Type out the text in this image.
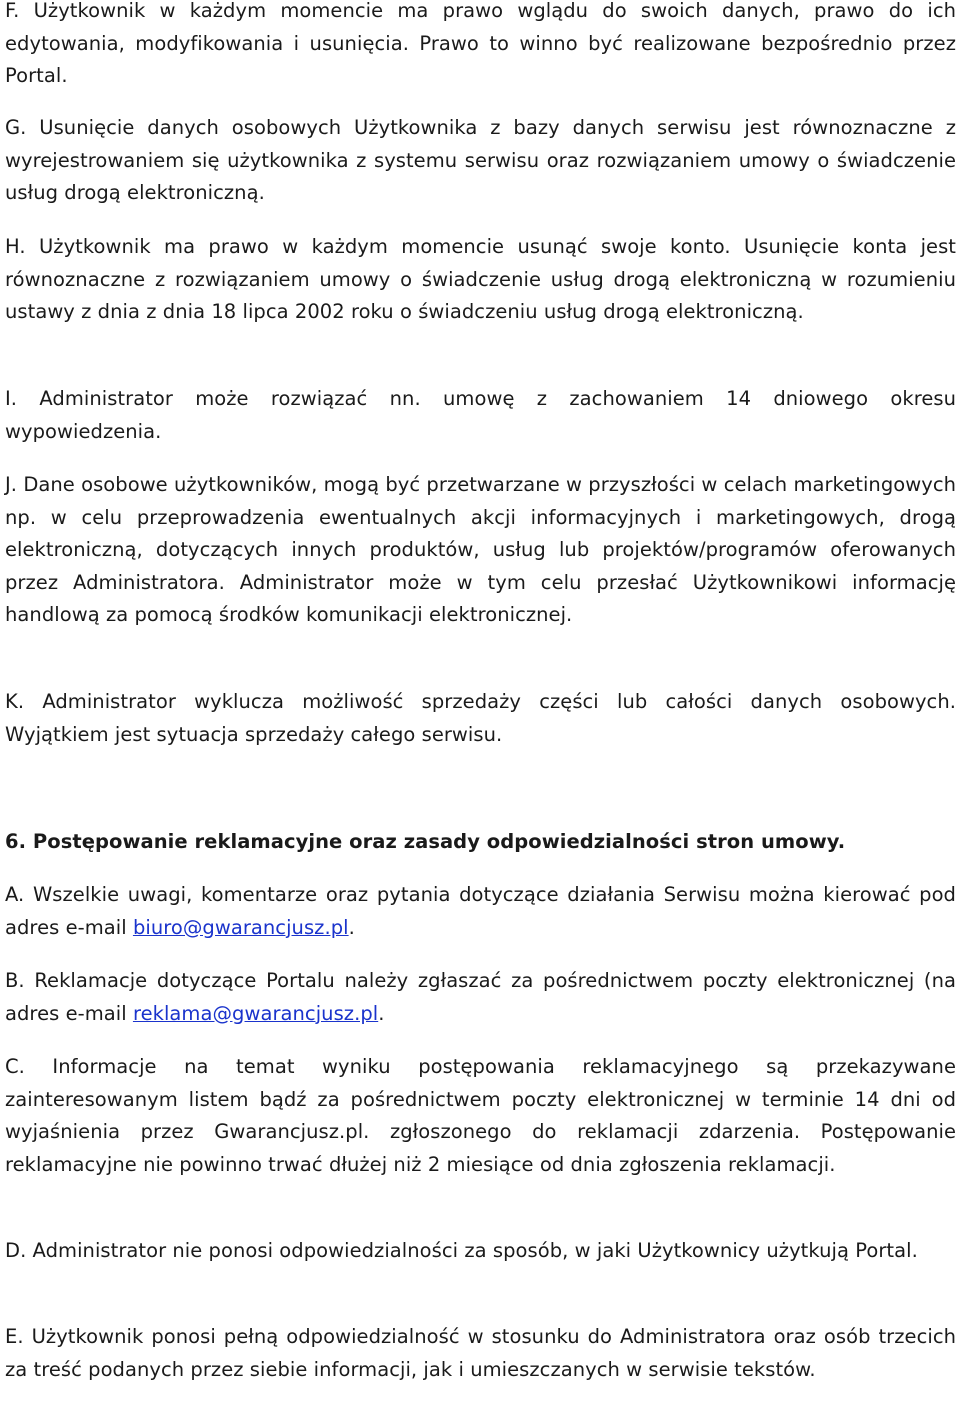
F. Użytkownik w każdym momencie ma prawo wglądu do swoich danych, prawo do ich edytowania, modyfikowania i usunięcia. Prawo to winno być realizowane bezpośrednio przez Portal.

G. Usunięcie danych osobowych Użytkownika z bazy danych serwisu jest równoznaczne z wyrejestrowaniem się użytkownika z systemu serwisu oraz rozwiązaniem umowy o świadczenie usług drogą elektroniczną.

H. Użytkownik ma prawo w każdym momencie usunąć swoje konto. Usunięcie konta jest równoznaczne z rozwiązaniem umowy o świadczenie usług drogą elektroniczną w rozumieniu ustawy z dnia z dnia 18 lipca 2002 roku o świadczeniu usług drogą elektroniczną.

I. Administrator może rozwiązać nn. umowę z zachowaniem 14 dniowego okresu wypowiedzenia.

J. Dane osobowe użytkowników, mogą być przetwarzane w przyszłości w celach marketingowych np. w celu przeprowadzenia ewentualnych akcji informacyjnych i marketingowych, drogą elektroniczną, dotyczących innych produktów, usług lub projektów/programów oferowanych przez Administratora. Administrator może w tym celu przesłać Użytkownikowi informację handlową za pomocą środków komunikacji elektronicznej.

K. Administrator wyklucza możliwość sprzedaży części lub całości danych osobowych. Wyjątkiem jest sytuacja sprzedaży całego serwisu.

6. Postępowanie reklamacyjne oraz zasady odpowiedzialności stron umowy.

A. Wszelkie uwagi, komentarze oraz pytania dotyczące działania Serwisu można kierować pod adres e-mail biuro@gwarancjusz.pl.

B. Reklamacje dotyczące Portalu należy zgłaszać za pośrednictwem poczty elektronicznej (na adres e-mail reklama@gwarancjusz.pl.

C. Informacje na temat wyniku postępowania reklamacyjnego są przekazywane zainteresowanym listem bądź za pośrednictwem poczty elektronicznej w terminie 14 dni od wyjaśnienia przez Gwarancjusz.pl. zgłoszonego do reklamacji zdarzenia. Postępowanie reklamacyjne nie powinno trwać dłużej niż 2 miesiące od dnia zgłoszenia reklamacji.

D. Administrator nie ponosi odpowiedzialności za sposób, w jaki Użytkownicy użytkują Portal.

E. Użytkownik ponosi pełną odpowiedzialność w stosunku do Administratora oraz osób trzecich za treść podanych przez siebie informacji, jak i umieszczanych w serwisie tekstów.
